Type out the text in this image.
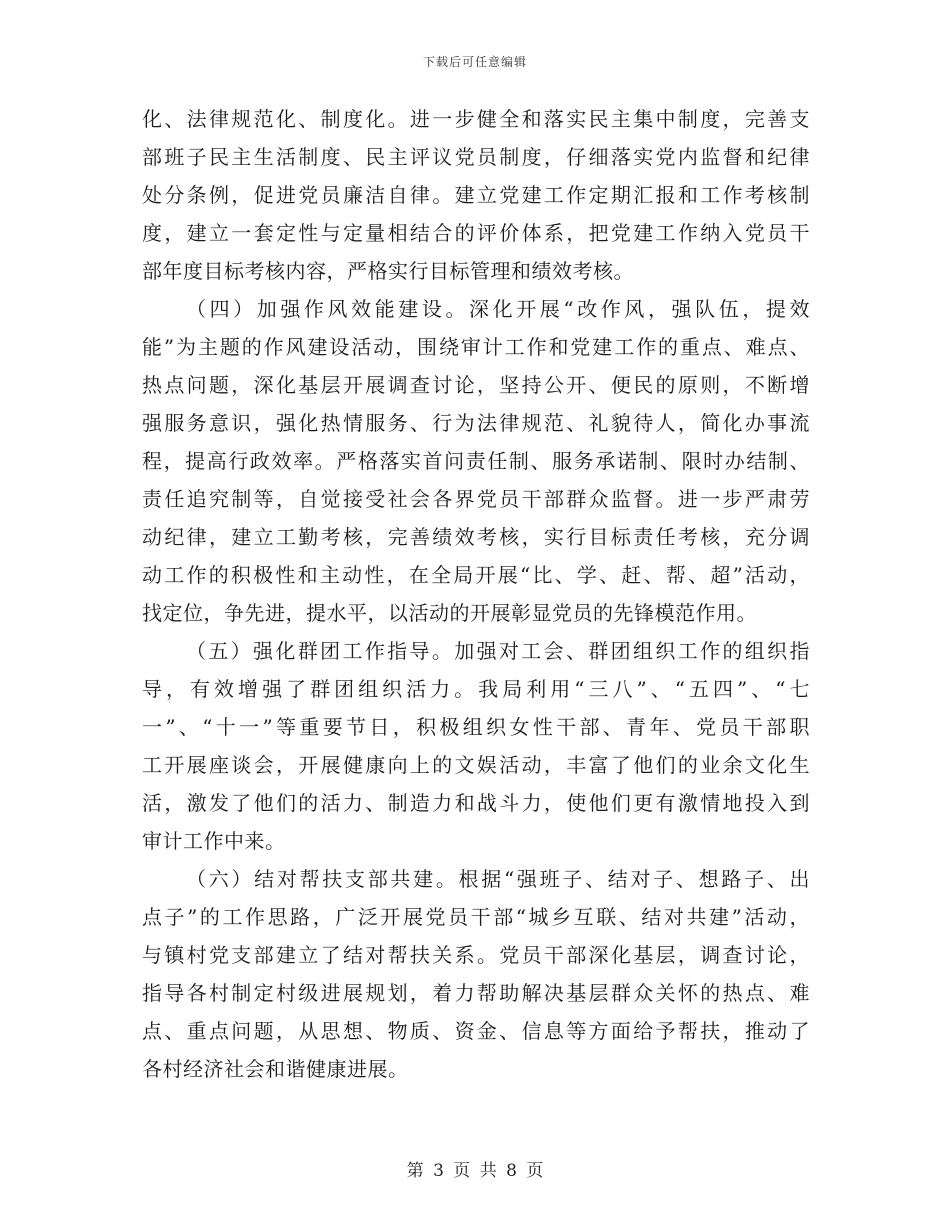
下载后可任意编辑
化、法律规范化、制度化。进一步健全和落实民主集中制度，完善支
部班子民主生活制度、民主评议党员制度，仔细落实党内监督和纪律
处分条例，促进党员廉洁自律。建立党建工作定期汇报和工作考核制
度，建立一套定性与定量相结合的评价体系，把党建工作纳入党员干
部年度目标考核内容，严格实行目标管理和绩效考核。
（四）加强作风效能建设。深化开展“改作风，强队伍，提效
能”为主题的作风建设活动，围绕审计工作和党建工作的重点、难点、
热点问题，深化基层开展调查讨论，坚持公开、便民的原则，不断增
强服务意识，强化热情服务、行为法律规范、礼貌待人，简化办事流
程，提高行政效率。严格落实首问责任制、服务承诺制、限时办结制、
责任追究制等，自觉接受社会各界党员干部群众监督。进一步严肃劳
动纪律，建立工勤考核，完善绩效考核，实行目标责任考核，充分调
动工作的积极性和主动性，在全局开展“比、学、赶、帮、超”活动，
找定位，争先进，提水平，以活动的开展彰显党员的先锋模范作用。
（五）强化群团工作指导。加强对工会、群团组织工作的组织指
导，有效增强了群团组织活力。我局利用“三八”、“五四”、“七
一”、“十一”等重要节日，积极组织女性干部、青年、党员干部职
工开展座谈会，开展健康向上的文娱活动，丰富了他们的业余文化生
活，激发了他们的活力、制造力和战斗力，使他们更有激情地投入到
审计工作中来。
（六）结对帮扶支部共建。根据“强班子、结对子、想路子、出
点子”的工作思路，广泛开展党员干部“城乡互联、结对共建”活动，
与镇村党支部建立了结对帮扶关系。党员干部深化基层，调查讨论，
指导各村制定村级进展规划，着力帮助解决基层群众关怀的热点、难
点、重点问题，从思想、物质、资金、信息等方面给予帮扶，推动了
各村经济社会和谐健康进展。
第 3 页 共 8 页
